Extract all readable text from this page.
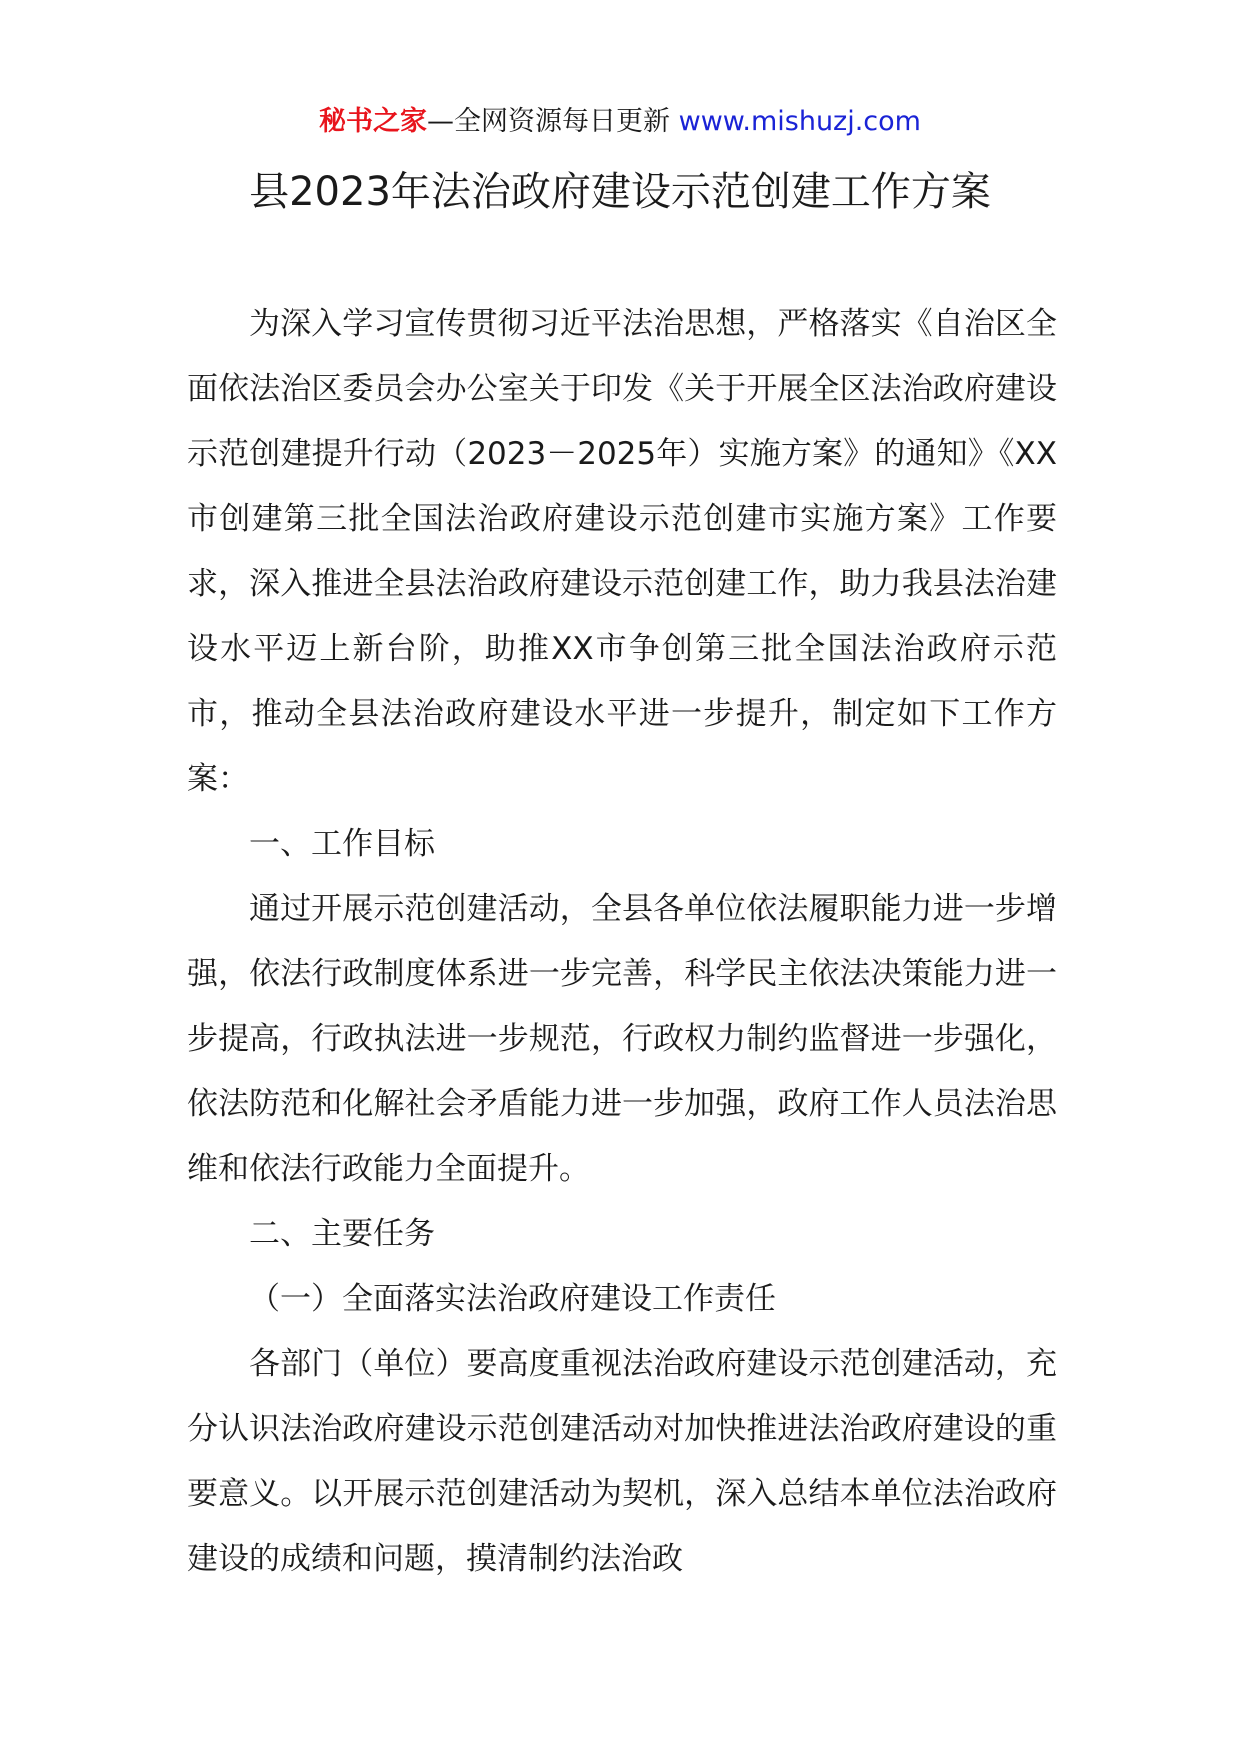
秘书之家—全网资源每日更新 www.mishuzj.com
县2023年法治政府建设示范创建工作方案

为深入学习宣传贯彻习近平法治思想，严格落实《自治区全面依法治区委员会办公室关于印发《关于开展全区法治政府建设示范创建提升行动（2023－2025年）实施方案》的通知》《XX市创建第三批全国法治政府建设示范创建市实施方案》工作要求，深入推进全县法治政府建设示范创建工作，助力我县法治建设水平迈上新台阶，助推XX市争创第三批全国法治政府示范市，推动全县法治政府建设水平进一步提升，制定如下工作方案：

一、工作目标

通过开展示范创建活动，全县各单位依法履职能力进一步增强，依法行政制度体系进一步完善，科学民主依法决策能力进一步提高，行政执法进一步规范，行政权力制约监督进一步强化，依法防范和化解社会矛盾能力进一步加强，政府工作人员法治思维和依法行政能力全面提升。

二、主要任务

（一）全面落实法治政府建设工作责任

各部门（单位）要高度重视法治政府建设示范创建活动，充分认识法治政府建设示范创建活动对加快推进法治政府建设的重要意义。以开展示范创建活动为契机，深入总结本单位法治政府建设的成绩和问题，摸清制约法治政
